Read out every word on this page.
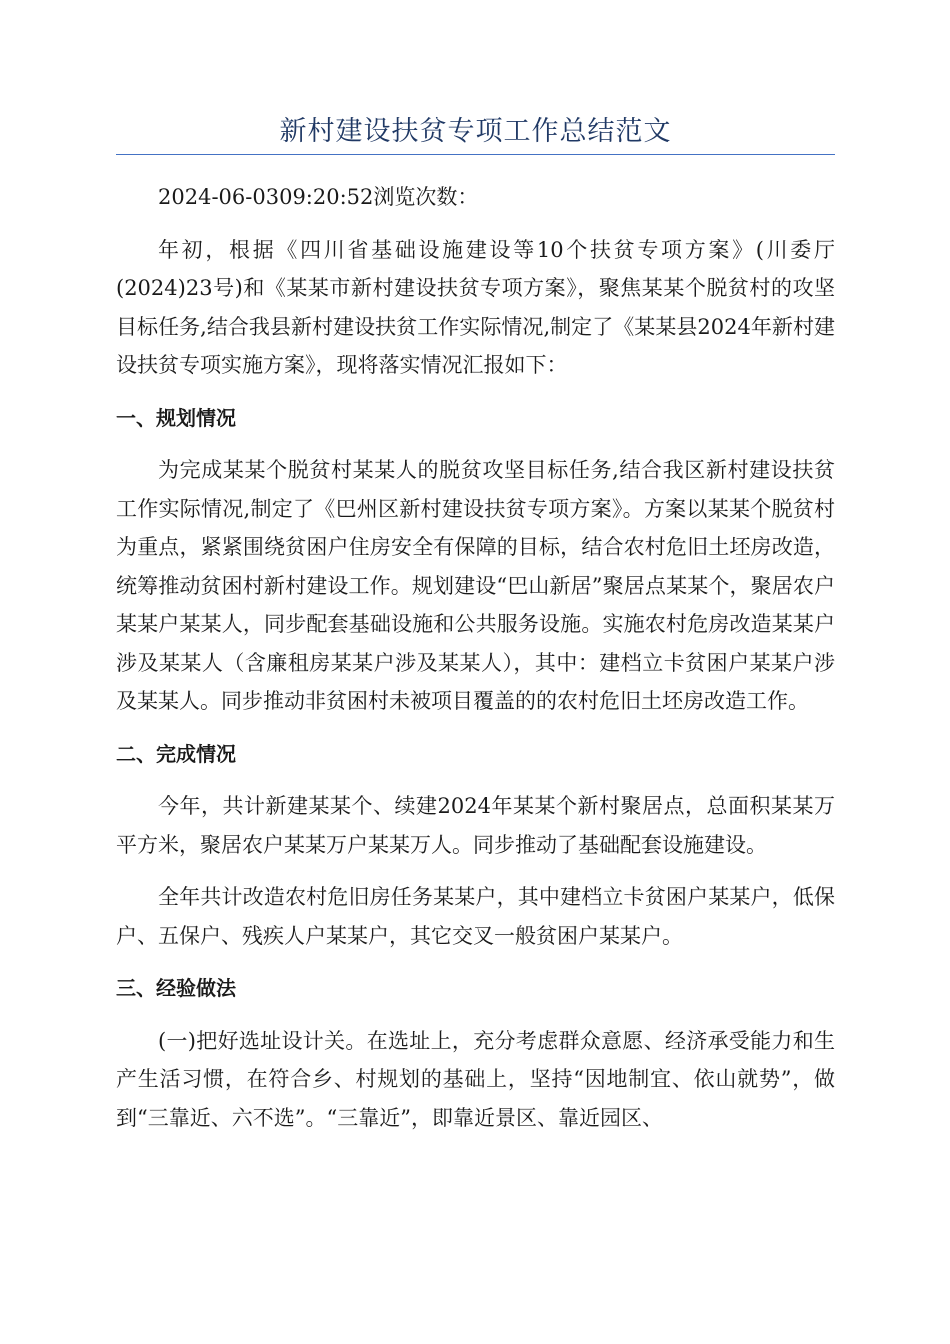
新村建设扶贫专项工作总结范文

2024-06-0309:20:52浏览次数：

年初，根据《四川省基础设施建设等10个扶贫专项方案》(川委厅(2024)23号)和《某某市新村建设扶贫专项方案》，聚焦某某个脱贫村的攻坚目标任务,结合我县新村建设扶贫工作实际情况,制定了《某某县2024年新村建设扶贫专项实施方案》，现将落实情况汇报如下：

一、规划情况

为完成某某个脱贫村某某人的脱贫攻坚目标任务,结合我区新村建设扶贫工作实际情况,制定了《巴州区新村建设扶贫专项方案》。方案以某某个脱贫村为重点，紧紧围绕贫困户住房安全有保障的目标，结合农村危旧土坯房改造，统筹推动贫困村新村建设工作。规划建设“巴山新居”聚居点某某个，聚居农户某某户某某人，同步配套基础设施和公共服务设施。实施农村危房改造某某户涉及某某人（含廉租房某某户涉及某某人），其中：建档立卡贫困户某某户涉及某某人。同步推动非贫困村未被项目覆盖的的农村危旧土坯房改造工作。

二、完成情况

今年，共计新建某某个、续建2024年某某个新村聚居点，总面积某某万平方米，聚居农户某某万户某某万人。同步推动了基础配套设施建设。

全年共计改造农村危旧房任务某某户，其中建档立卡贫困户某某户，低保户、五保户、残疾人户某某户，其它交叉一般贫困户某某户。

三、经验做法

(一)把好选址设计关。在选址上，充分考虑群众意愿、经济承受能力和生产生活习惯，在符合乡、村规划的基础上，坚持“因地制宜、依山就势”，做到“三靠近、六不选”。“三靠近”，即靠近景区、靠近园区、
